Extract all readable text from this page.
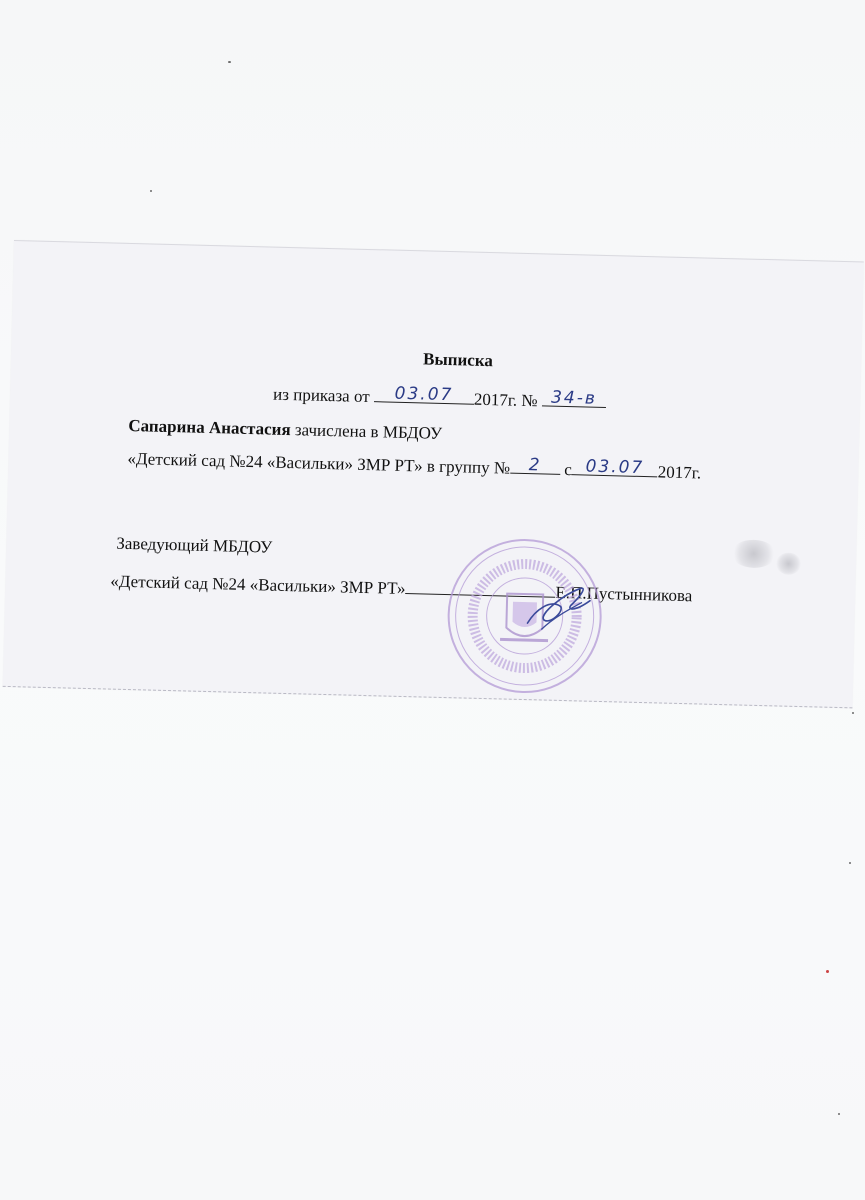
Выписка
из приказа от	03.07	2017г. № 34-в
Сапарина Анастасия зачислена в МБДОУ
«Детский сад №24 «Васильки» ЗМР РТ» в группу №	2	с 03.07 2017г.
Заведующий МБДОУ
«Детский сад №24 «Васильки» ЗМР РТ»	Е.П.Пустынникова
